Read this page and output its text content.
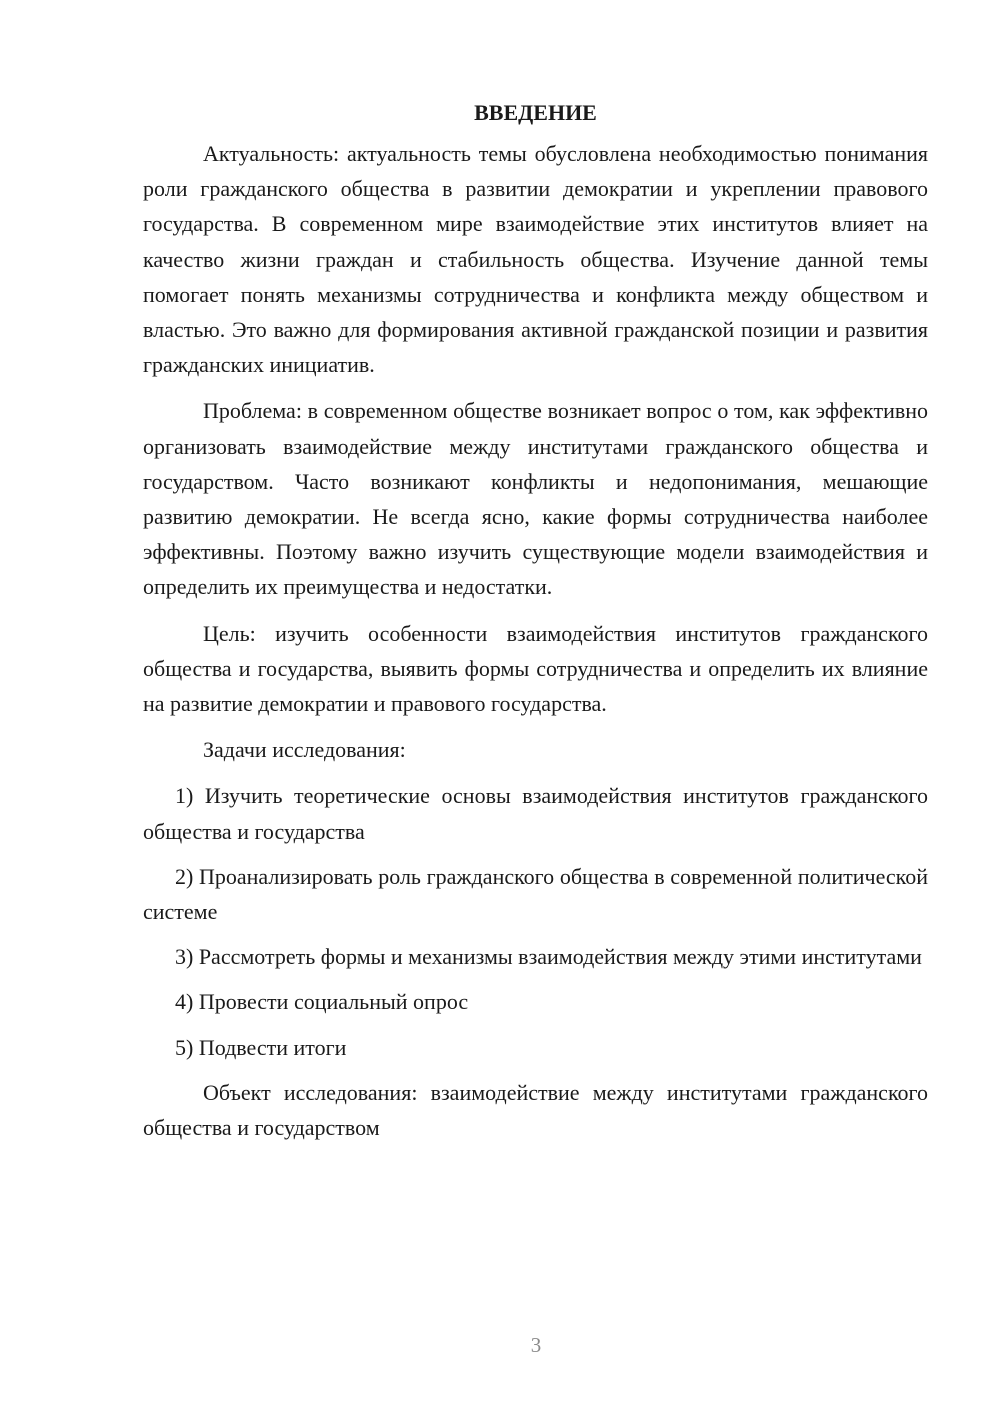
ВВЕДЕНИЕ

Актуальность: актуальность темы обусловлена необходимостью понимания роли гражданского общества в развитии демократии и укреплении правового государства. В современном мире взаимодействие этих институтов влияет на качество жизни граждан и стабильность общества. Изучение данной темы помогает понять механизмы сотрудничества и конфликта между обществом и властью. Это важно для формирования активной гражданской позиции и развития гражданских инициатив.

Проблема: в современном обществе возникает вопрос о том, как эффективно организовать взаимодействие между институтами гражданского общества и государством. Часто возникают конфликты и недопонимания, мешающие развитию демократии. Не всегда ясно, какие формы сотрудничества наиболее эффективны. Поэтому важно изучить существующие модели взаимодействия и определить их преимущества и недостатки.

Цель: изучить особенности взаимодействия институтов гражданского общества и государства, выявить формы сотрудничества и определить их влияние на развитие демократии и правового государства.

Задачи исследования:

1) Изучить теоретические основы взаимодействия институтов гражданского общества и государства

2) Проанализировать роль гражданского общества в современной политической системе

3) Рассмотреть формы и механизмы взаимодействия между этими институтами

4) Провести социальный опрос

5) Подвести итоги

Объект исследования: взаимодействие между институтами гражданского общества и государством

3
